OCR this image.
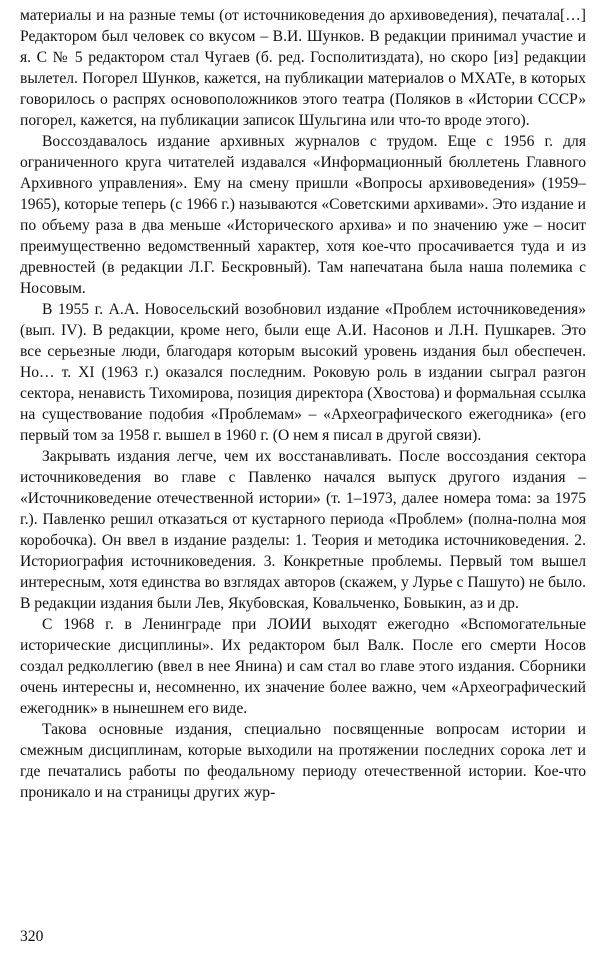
материалы и на разные темы (от источниковедения до архивоведения), печатала[…] Редактором был человек со вкусом – В.И. Шунков. В редакции принимал участие и я. С № 5 редактором стал Чугаев (б. ред. Госполитиздата), но скоро [из] редакции вылетел. Погорел Шунков, кажется, на публикации материалов о МХАТе, в которых говорилось о распрях основоположников этого театра (Поляков в «Истории СССР» погорел, кажется, на публикации записок Шульгина или что-то вроде этого).

Воссоздавалось издание архивных журналов с трудом. Еще с 1956 г. для ограниченного круга читателей издавался «Информационный бюллетень Главного Архивного управления». Ему на смену пришли «Вопросы архивоведения» (1959–1965), которые теперь (с 1966 г.) называются «Советскими архивами». Это издание и по объему раза в два меньше «Исторического архива» и по значению уже – носит преимущественно ведомственный характер, хотя кое-что просачивается туда и из древностей (в редакции Л.Г. Бескровный). Там напечатана была наша полемика с Носовым.

В 1955 г. А.А. Новосельский возобновил издание «Проблем источниковедения» (вып. IV). В редакции, кроме него, были еще А.И. Насонов и Л.Н. Пушкарев. Это все серьезные люди, благодаря которым высокий уровень издания был обеспечен. Но… т. XI (1963 г.) оказался последним. Роковую роль в издании сыграл разгон сектора, ненависть Тихомирова, позиция директора (Хвостова) и формальная ссылка на существование подобия «Проблемам» – «Археографического ежегодника» (его первый том за 1958 г. вышел в 1960 г. (О нем я писал в другой связи).

Закрывать издания легче, чем их восстанавливать. После воссоздания сектора источниковедения во главе с Павленко начался выпуск другого издания – «Источниковедение отечественной истории» (т. 1–1973, далее номера тома: за 1975 г.). Павленко решил отказаться от кустарного периода «Проблем» (полна-полна моя коробочка). Он ввел в издание разделы: 1. Теория и методика источниковедения. 2. Историография источниковедения. 3. Конкретные проблемы. Первый том вышел интересным, хотя единства во взглядах авторов (скажем, у Лурье с Пашуто) не было. В редакции издания были Лев, Якубовская, Ковальченко, Бовыкин, аз и др.

С 1968 г. в Ленинграде при ЛОИИ выходят ежегодно «Вспомогательные исторические дисциплины». Их редактором был Валк. После его смерти Носов создал редколлегию (ввел в нее Янина) и сам стал во главе этого издания. Сборники очень интересны и, несомненно, их значение более важно, чем «Археографический ежегодник» в нынешнем его виде.

Такова основные издания, специально посвященные вопросам истории и смежным дисциплинам, которые выходили на протяжении последних сорока лет и где печатались работы по феодальному периоду отечественной истории. Кое-что проникало и на страницы других жур-

320
